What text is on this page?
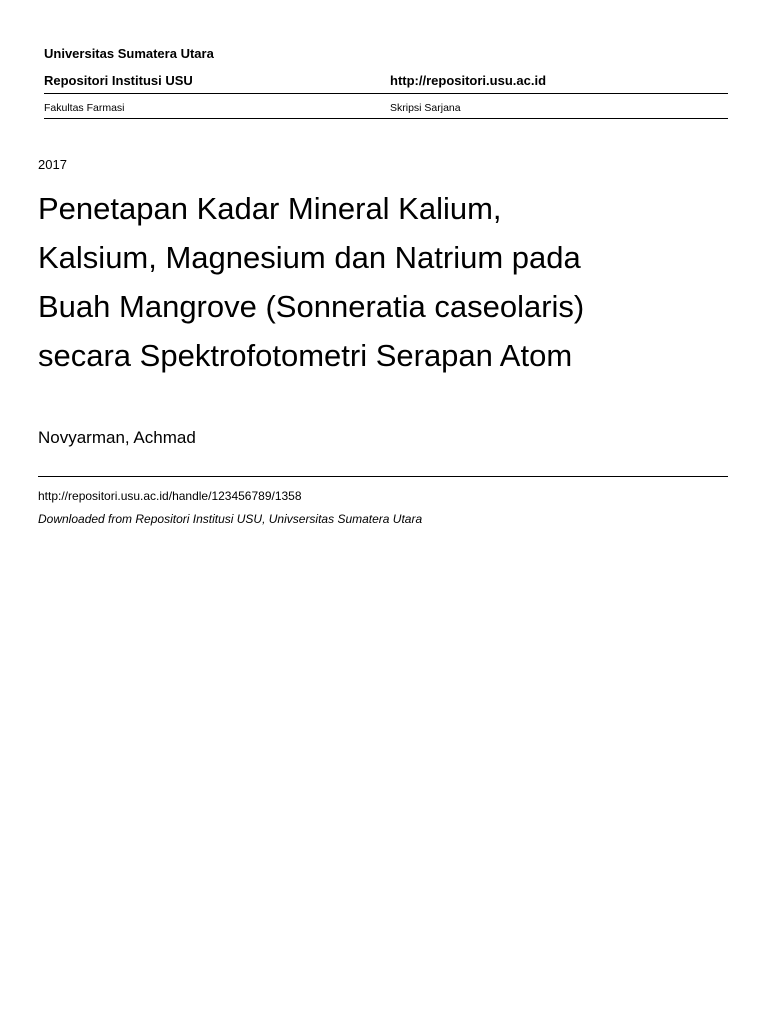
Universitas Sumatera Utara
Repositori Institusi USU	http://repositori.usu.ac.id
Fakultas Farmasi	Skripsi Sarjana
2017
Penetapan Kadar Mineral Kalium,
Kalsium, Magnesium dan Natrium pada
Buah Mangrove (Sonneratia caseolaris)
secara Spektrofotometri Serapan Atom
Novyarman, Achmad
http://repositori.usu.ac.id/handle/123456789/1358
Downloaded from Repositori Institusi USU, Univsersitas Sumatera Utara
